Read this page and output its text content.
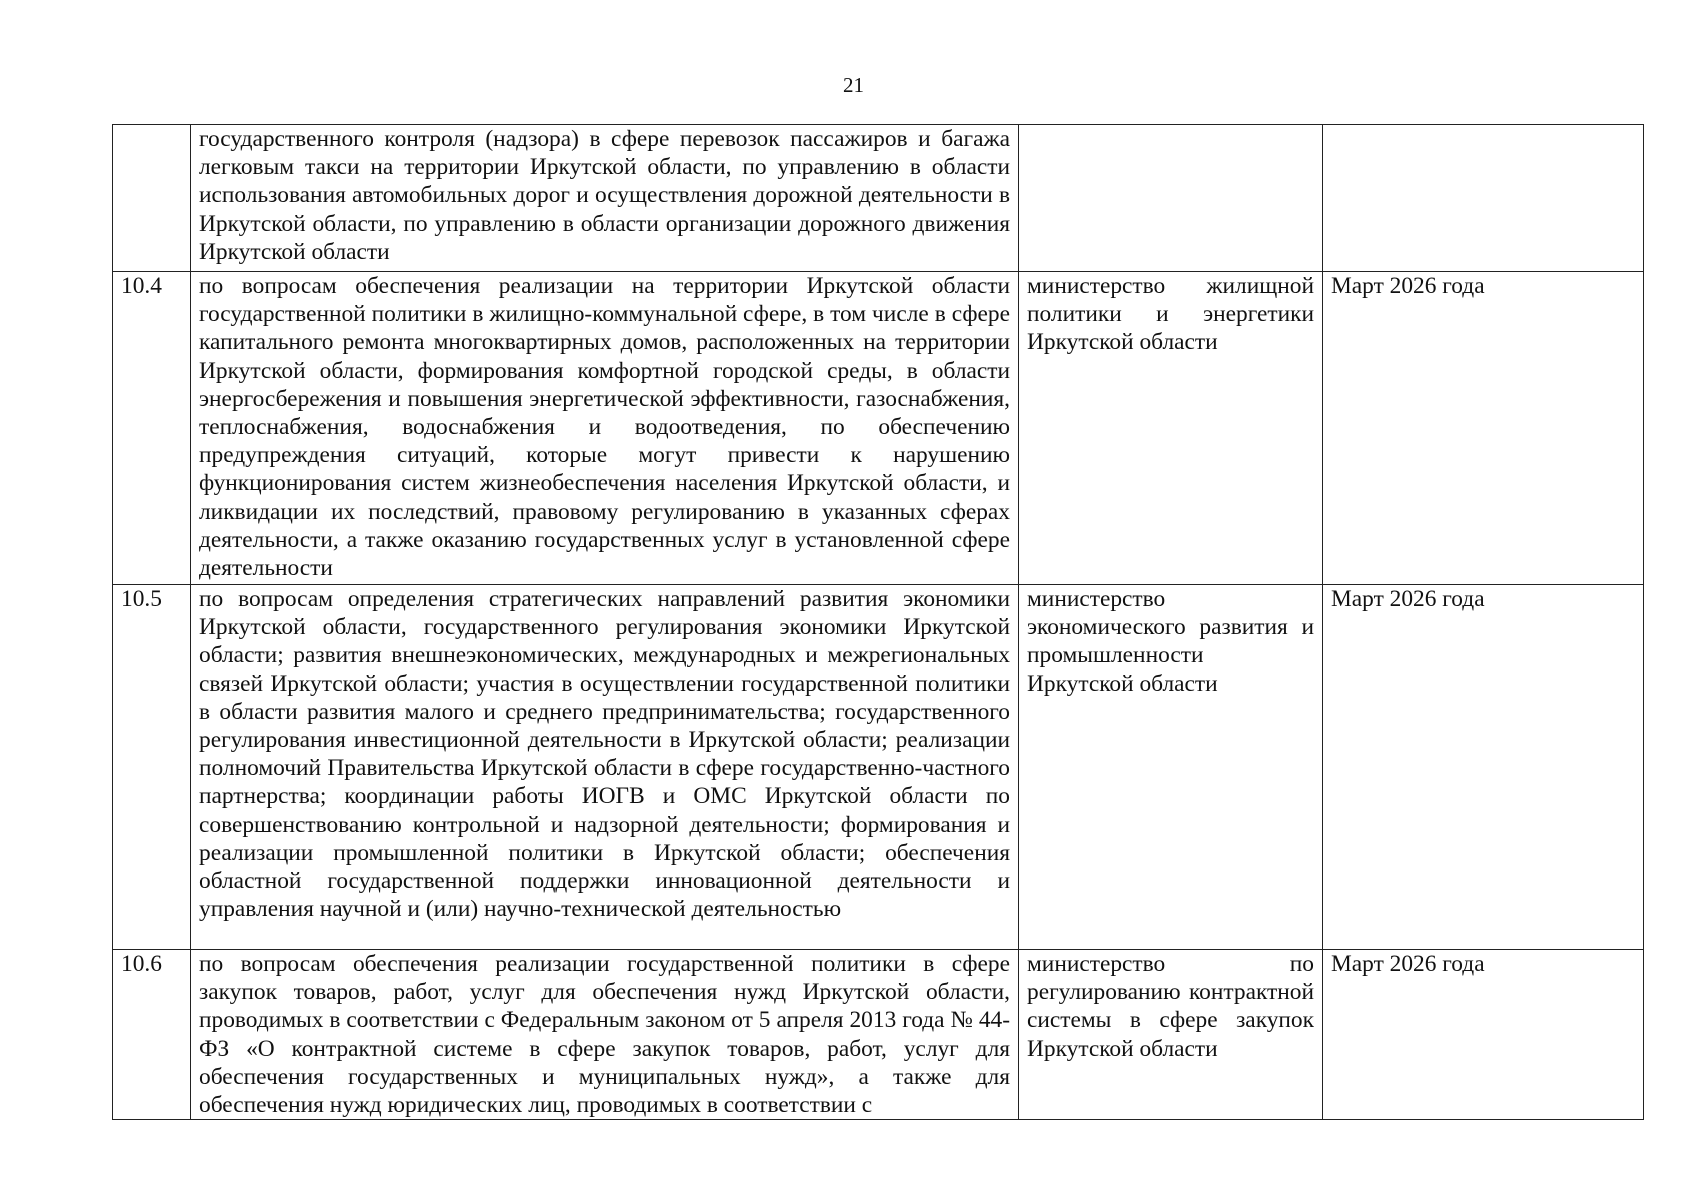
21
	государственного контроля (надзора) в сфере перевозок пассажиров и багажа легковым такси на территории Иркутской области, по управлению в области использования автомобильных дорог и осуществления дорожной деятельности в Иркутской области, по управлению в области организации дорожного движения Иркутской области		
10.4	по вопросам обеспечения реализации на территории Иркутской области государственной политики в жилищно-коммунальной сфере, в том числе в сфере капитального ремонта многоквартирных домов, расположенных на территории Иркутской области, формирования комфортной городской среды, в области энергосбережения и повышения энергетической эффективности, газоснабжения, теплоснабжения, водоснабжения и водоотведения, по обеспечению предупреждения ситуаций, которые могут привести к нарушению функционирования систем жизнеобеспечения населения Иркутской области, и ликвидации их последствий, правовому регулированию в указанных сферах деятельности, а также оказанию государственных услуг в установленной сфере деятельности	министерство жилищной политики и энергетики Иркутской области	Март 2026 года
10.5	по вопросам определения стратегических направлений развития экономики Иркутской области, государственного регулирования экономики Иркутской области; развития внешнеэкономических, международных и межрегиональных связей Иркутской области; участия в осуществлении государственной политики в области развития малого и среднего предпринимательства; государственного регулирования инвестиционной деятельности в Иркутской области; реализации полномочий Правительства Иркутской области в сфере государственно-частного партнерства; координации работы ИОГВ и ОМС Иркутской области по совершенствованию контрольной и надзорной деятельности; формирования и реализации промышленной политики в Иркутской области; обеспечения областной государственной поддержки инновационной деятельности и управления научной и (или) научно-технической деятельностью	министерство экономического развития и промышленности Иркутской области	Март 2026 года
10.6	по вопросам обеспечения реализации государственной политики в сфере закупок товаров, работ, услуг для обеспечения нужд Иркутской области, проводимых в соответствии с Федеральным законом от 5 апреля 2013 года № 44-ФЗ «О контрактной системе в сфере закупок товаров, работ, услуг для обеспечения государственных и муниципальных нужд», а также для обеспечения нужд юридических лиц, проводимых в соответствии с	министерство по регулированию контрактной системы в сфере закупок Иркутской области	Март 2026 года
